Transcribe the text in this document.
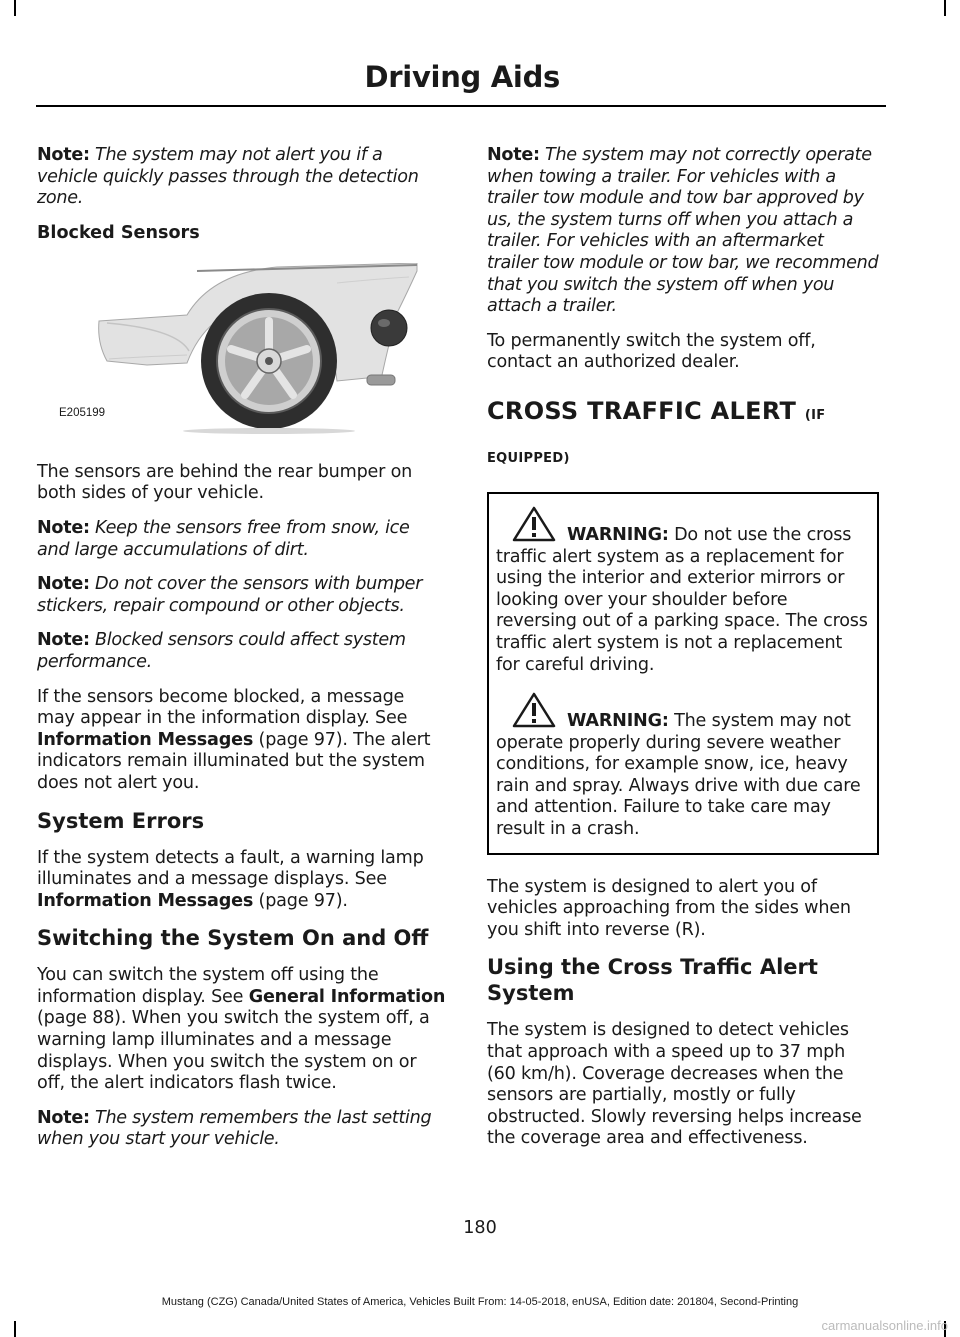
Driving Aids

Note: The system may not alert you if a vehicle quickly passes through the detection zone.

Blocked Sensors
E205199

The sensors are behind the rear bumper on both sides of your vehicle.

Note: Keep the sensors free from snow, ice and large accumulations of dirt.

Note: Do not cover the sensors with bumper stickers, repair compound or other objects.

Note: Blocked sensors could affect system performance.

If the sensors become blocked, a message may appear in the information display. See Information Messages (page 97). The alert indicators remain illuminated but the system does not alert you.

System Errors

If the system detects a fault, a warning lamp illuminates and a message displays. See Information Messages (page 97).

Switching the System On and Off

You can switch the system off using the information display. See General Information (page 88). When you switch the system off, a warning lamp illuminates and a message displays. When you switch the system on or off, the alert indicators flash twice.

Note: The system remembers the last setting when you start your vehicle.

Note: The system may not correctly operate when towing a trailer. For vehicles with a trailer tow module and tow bar approved by us, the system turns off when you attach a trailer. For vehicles with an aftermarket trailer tow module or tow bar, we recommend that you switch the system off when you attach a trailer.

To permanently switch the system off, contact an authorized dealer.

CROSS TRAFFIC ALERT (IF
EQUIPPED)
WARNING: Do not use the cross traffic alert system as a replacement for using the interior and exterior mirrors or looking over your shoulder before reversing out of a parking space. The cross traffic alert system is not a replacement for careful driving.
WARNING: The system may not operate properly during severe weather conditions, for example snow, ice, heavy rain and spray. Always drive with due care and attention. Failure to take care may result in a crash.

The system is designed to alert you of vehicles approaching from the sides when you shift into reverse (R).

Using the Cross Traffic Alert System

The system is designed to detect vehicles that approach with a speed up to 37 mph (60 km/h). Coverage decreases when the sensors are partially, mostly or fully obstructed. Slowly reversing helps increase the coverage area and effectiveness.

180
Mustang (CZG) Canada/United States of America, Vehicles Built From: 14-05-2018, enUSA, Edition date: 201804, Second-Printing
carmanualsonline.info
